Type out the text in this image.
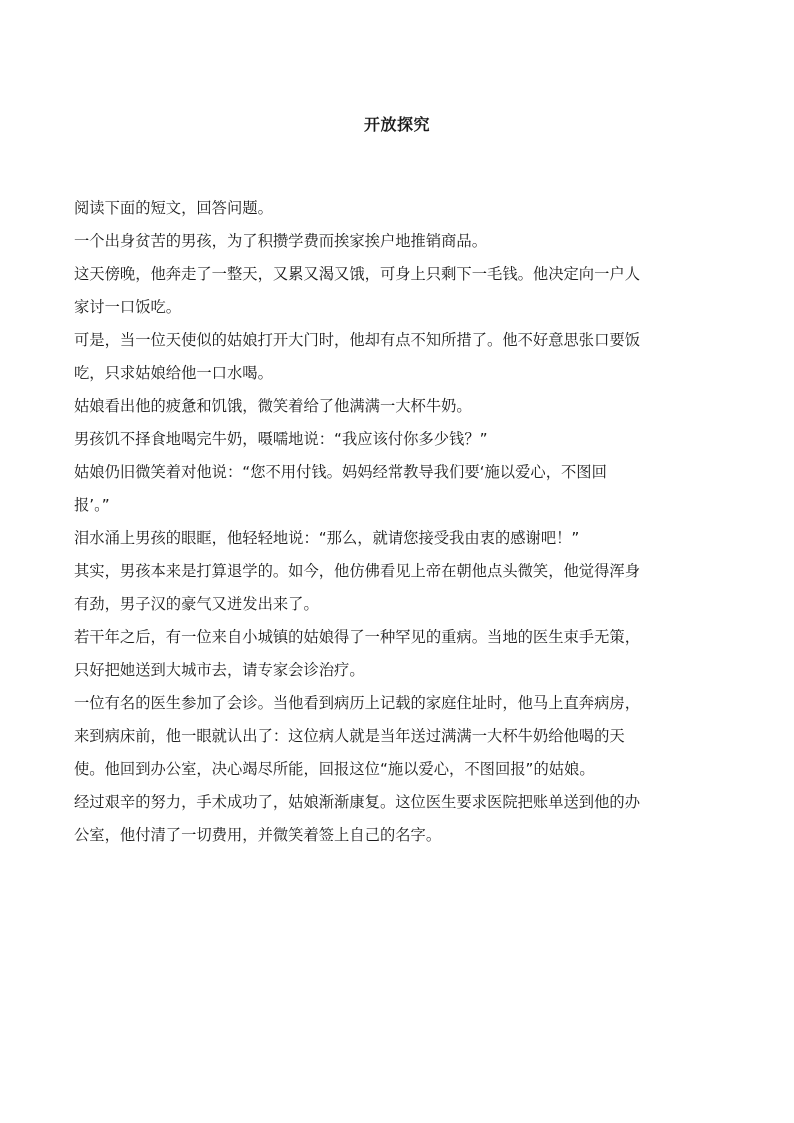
开放探究

阅读下面的短文，回答问题。

一个出身贫苦的男孩，为了积攒学费而挨家挨户地推销商品。

这天傍晚，他奔走了一整天，又累又渴又饿，可身上只剩下一毛钱。他决定向一户人

家讨一口饭吃。

可是，当一位天使似的姑娘打开大门时，他却有点不知所措了。他不好意思张口要饭

吃，只求姑娘给他一口水喝。

姑娘看出他的疲惫和饥饿，微笑着给了他满满一大杯牛奶。

男孩饥不择食地喝完牛奶，嗫嚅地说：“我应该付你多少钱？”

姑娘仍旧微笑着对他说：“您不用付钱。妈妈经常教导我们要‘施以爱心，不图回

报’。”

泪水涌上男孩的眼眶，他轻轻地说：“那么，就请您接受我由衷的感谢吧！”

其实，男孩本来是打算退学的。如今，他仿佛看见上帝在朝他点头微笑，他觉得浑身

有劲，男子汉的豪气又迸发出来了。

若干年之后，有一位来自小城镇的姑娘得了一种罕见的重病。当地的医生束手无策，

只好把她送到大城市去，请专家会诊治疗。

一位有名的医生参加了会诊。当他看到病历上记载的家庭住址时，他马上直奔病房，

来到病床前，他一眼就认出了：这位病人就是当年送过满满一大杯牛奶给他喝的天

使。他回到办公室，决心竭尽所能，回报这位“施以爱心，不图回报”的姑娘。

经过艰辛的努力，手术成功了，姑娘渐渐康复。这位医生要求医院把账单送到他的办

公室，他付清了一切费用，并微笑着签上自己的名字。
